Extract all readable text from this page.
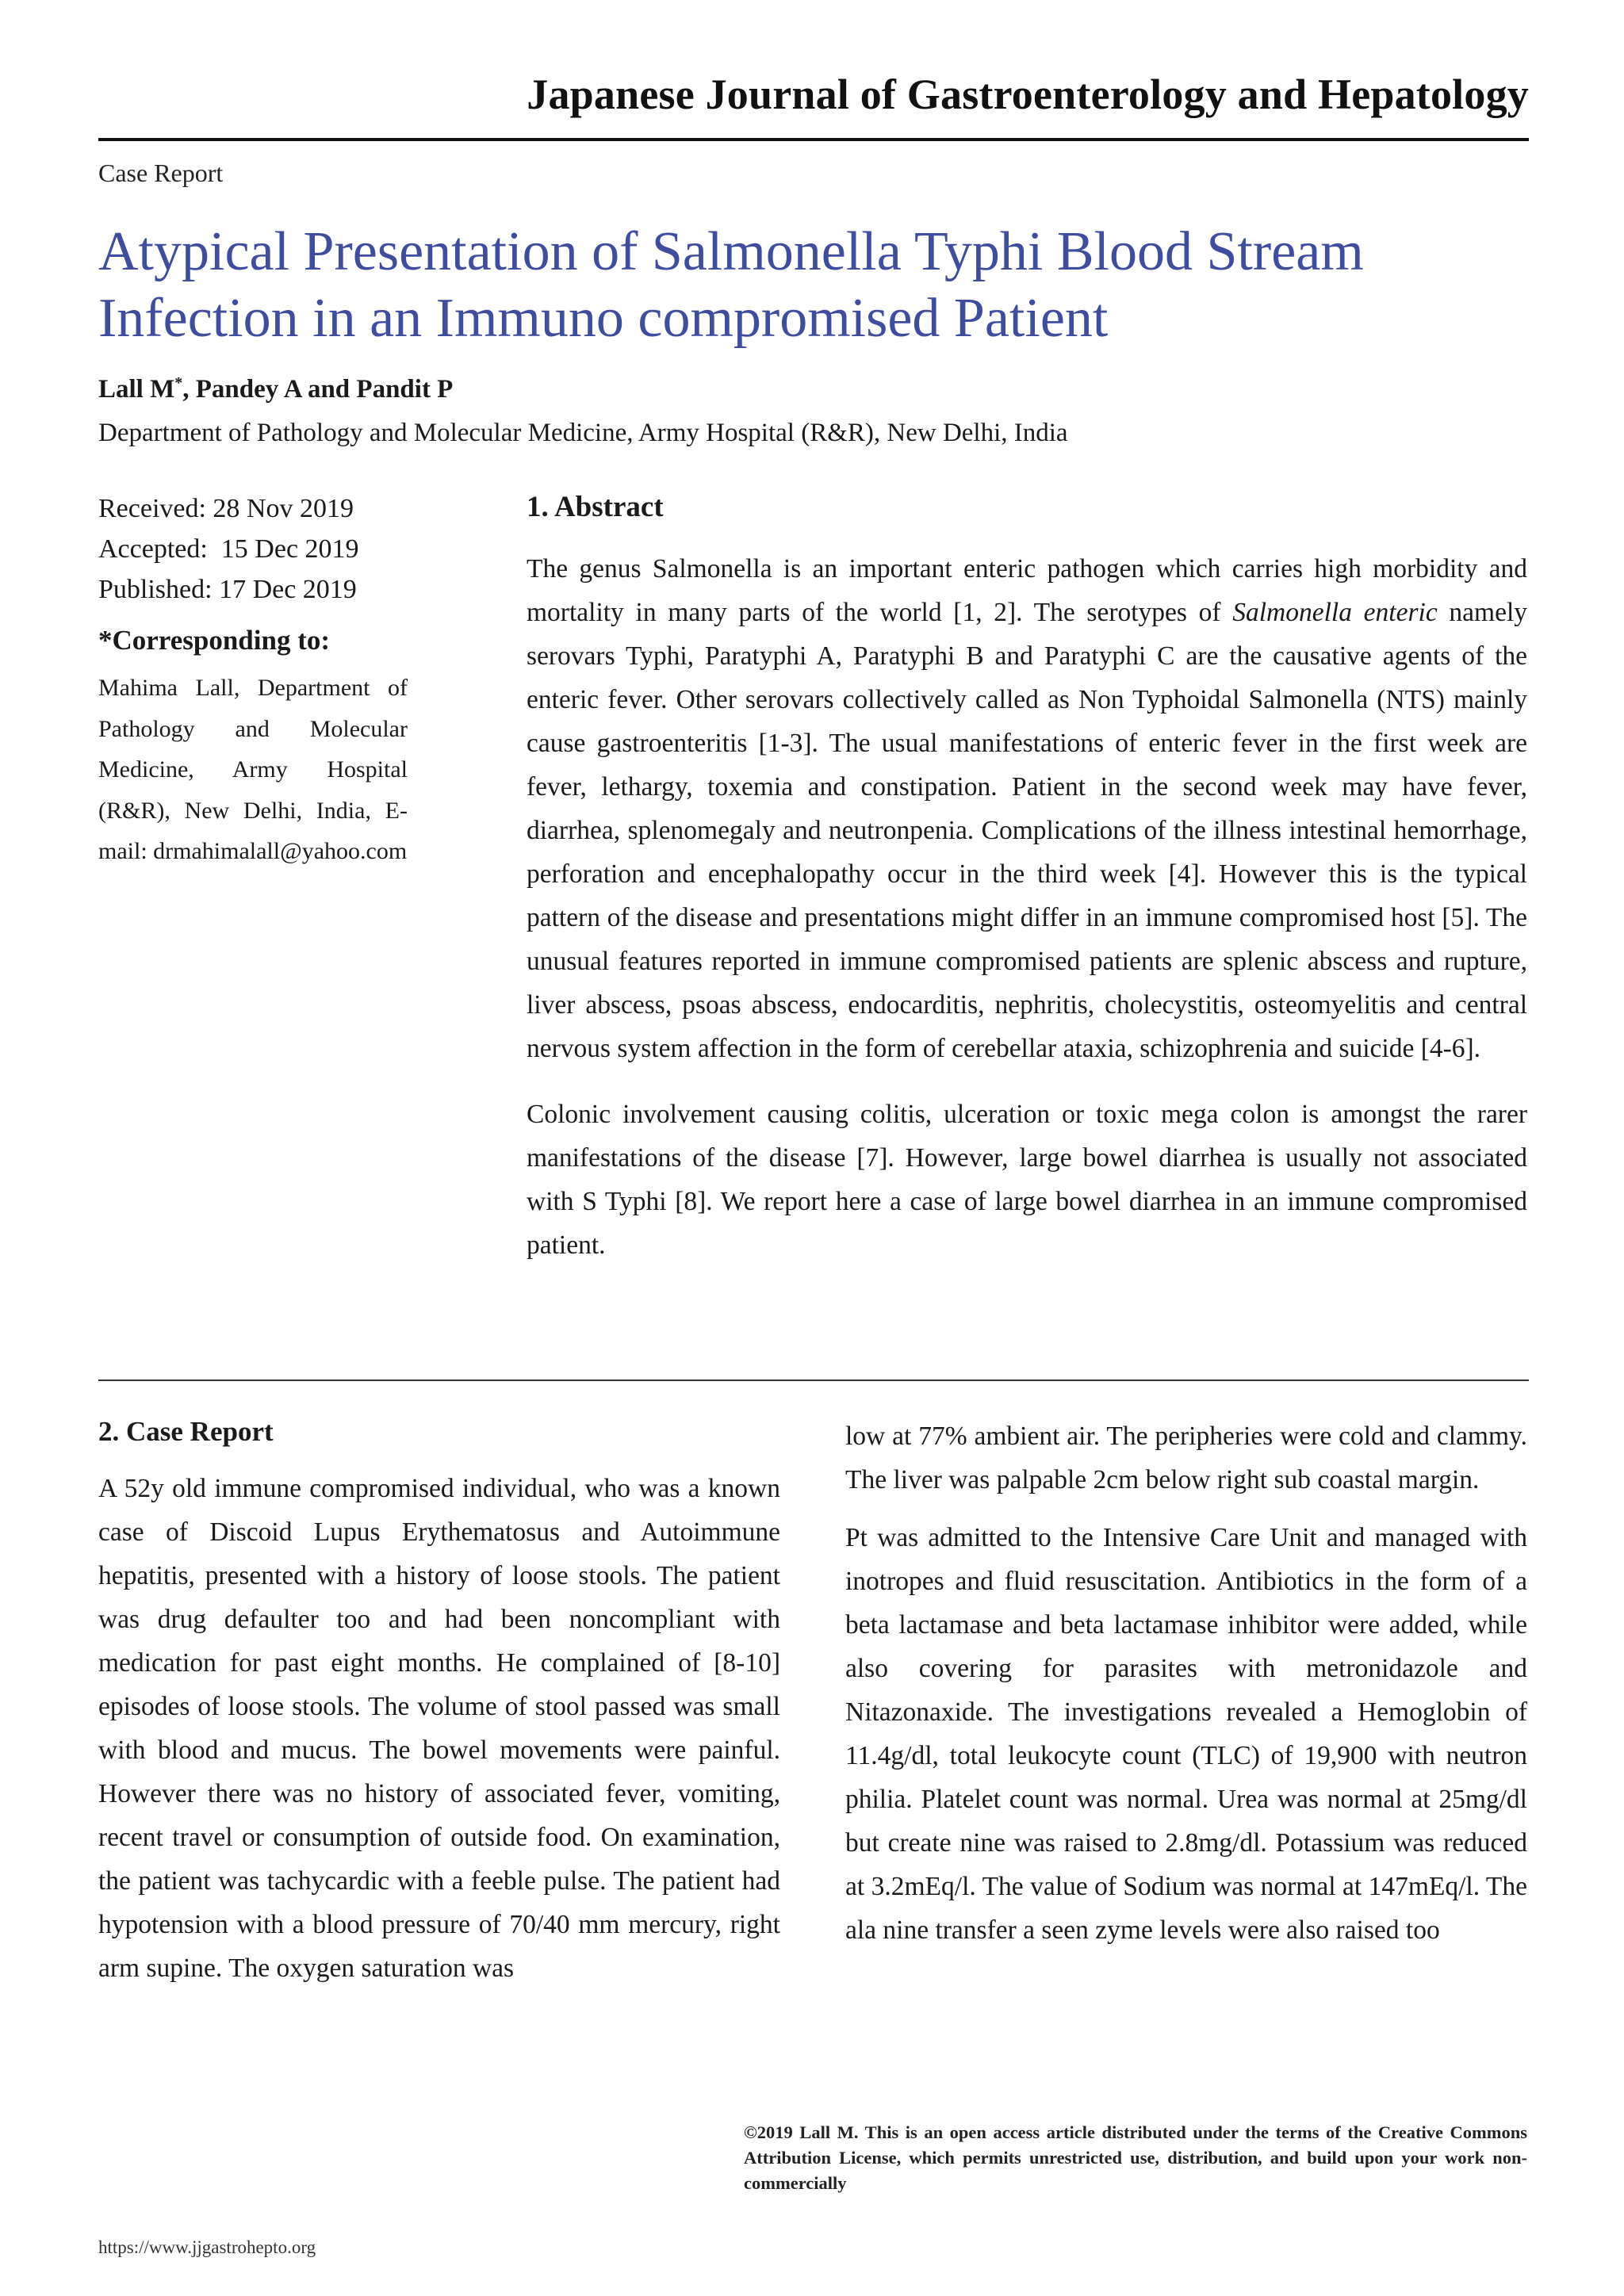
Japanese Journal of Gastroenterology and Hepatology
Case Report
Atypical Presentation of Salmonella Typhi Blood Stream Infection in an Immuno compromised Patient
Lall M*, Pandey A and Pandit P
Department of Pathology and Molecular Medicine, Army Hospital (R&R), New Delhi, India
Received: 28 Nov 2019
Accepted:  15 Dec 2019
Published: 17 Dec 2019
*Corresponding to:
Mahima Lall, Department of Pathology and Molecular Medicine, Army Hospital (R&R), New Delhi, India, E-mail: drmahimalall@yahoo.com
1. Abstract

The genus Salmonella is an important enteric pathogen which carries high morbidity and mortality in many parts of the world [1, 2]. The serotypes of Salmonella enteric namely serovars Typhi, Paratyphi A, Paratyphi B and Paratyphi C are the causative agents of the enteric fever. Other serovars collectively called as Non Typhoidal Salmonella (NTS) mainly cause gastroenteritis [1-3]. The usual manifestations of enteric fever in the first week are fever, lethargy, toxemia and constipation. Patient in the second week may have fever, diarrhea, splenomegaly and neutronpenia. Complications of the illness intestinal hemorrhage, perforation and encephalopathy occur in the third week [4]. However this is the typical pattern of the disease and presentations might differ in an immune compromised host [5]. The unusual features reported in immune compromised patients are splenic abscess and rupture, liver abscess, psoas abscess, endocarditis, nephritis, cholecystitis, osteomyelitis and central nervous system affection in the form of cerebellar ataxia, schizophrenia and suicide [4-6].

Colonic involvement causing colitis, ulceration or toxic mega colon is amongst the rarer manifestations of the disease [7]. However, large bowel diarrhea is usually not associated with S Typhi [8]. We report here a case of large bowel diarrhea in an immune compromised patient.

2. Case Report

A 52y old immune compromised individual, who was a known case of Discoid Lupus Erythematosus and Autoimmune hepatitis, presented with a history of loose stools. The patient was drug defaulter too and had been noncompliant with medication for past eight months. He complained of [8-10] episodes of loose stools. The volume of stool passed was small with blood and mucus. The bowel movements were painful. However there was no history of associated fever, vomiting, recent travel or consumption of outside food. On examination, the patient was tachycardic with a feeble pulse. The patient had hypotension with a blood pressure of 70/40 mm mercury, right arm supine. The oxygen saturation was

low at 77% ambient air. The peripheries were cold and clammy. The liver was palpable 2cm below right sub coastal margin.

Pt was admitted to the Intensive Care Unit and managed with inotropes and fluid resuscitation. Antibiotics in the form of a beta lactamase and beta lactamase inhibitor were added, while also covering for parasites with metronidazole and Nitazonaxide. The investigations revealed a Hemoglobin of 11.4g/dl, total leukocyte count (TLC) of 19,900 with neutron philia. Platelet count was normal. Urea was normal at 25mg/dl but create nine was raised to 2.8mg/dl. Potassium was reduced at 3.2mEq/l. The value of Sodium was normal at 147mEq/l. The ala nine transfer a seen zyme levels were also raised too

©2019 Lall M. This is an open access article distributed under the terms of the Creative Commons Attribution License, which permits unrestricted use, distribution, and build upon your work non-commercially
https://www.jjgastrohepto.org
